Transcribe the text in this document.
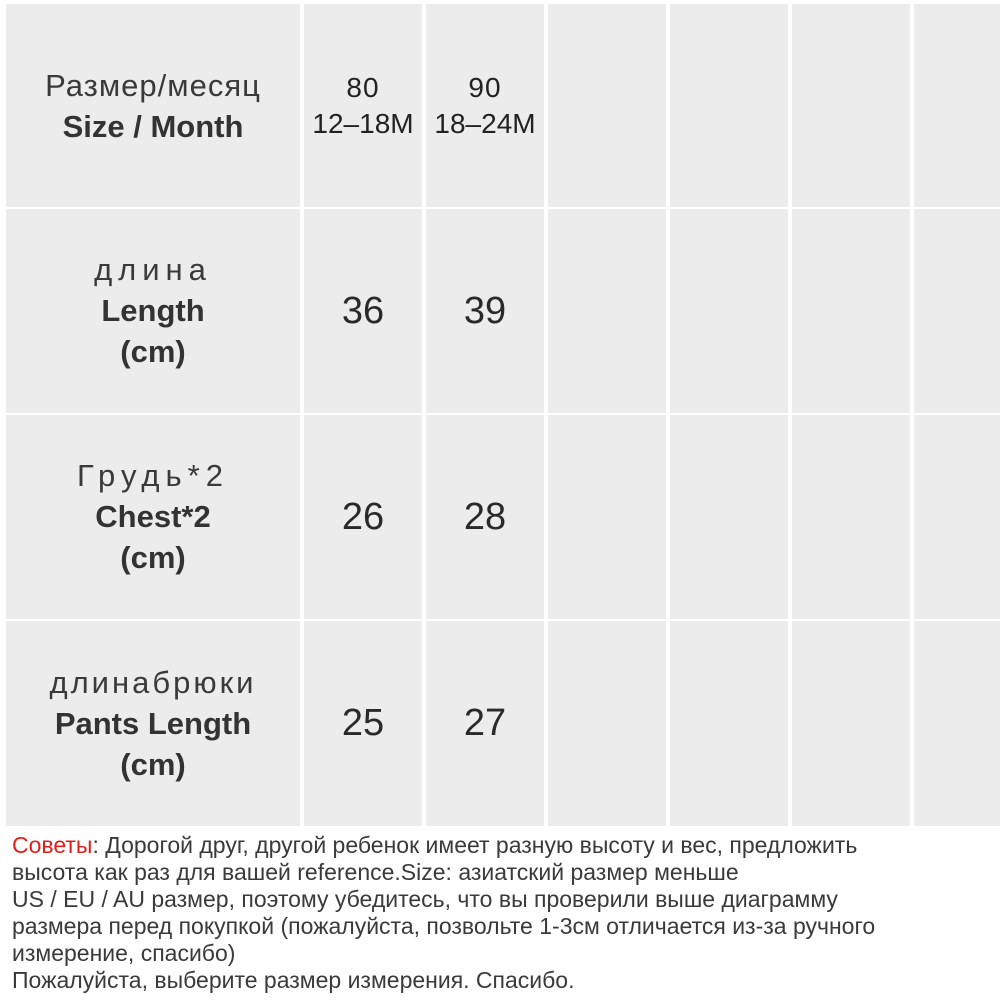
Размер/месяц
Size / Month
80
12–18M
90
18–24M
длина
Length
(cm)
36 39
Грудь*2
Chest*2
(cm)
26 28
длинабрюки
Pants Length
(cm)
25 27

Советы: Дорогой друг, другой ребенок имеет разную высоту и вес, предложить

высота как раз для вашей reference.Size: азиатский размер меньше

US / EU / AU размер, поэтому убедитесь, что вы проверили выше диаграмму

размера перед покупкой (пожалуйста, позвольте 1-3см отличается из-за ручного

измерение, спасибо)

Пожалуйста, выберите размер измерения. Спасибо.
